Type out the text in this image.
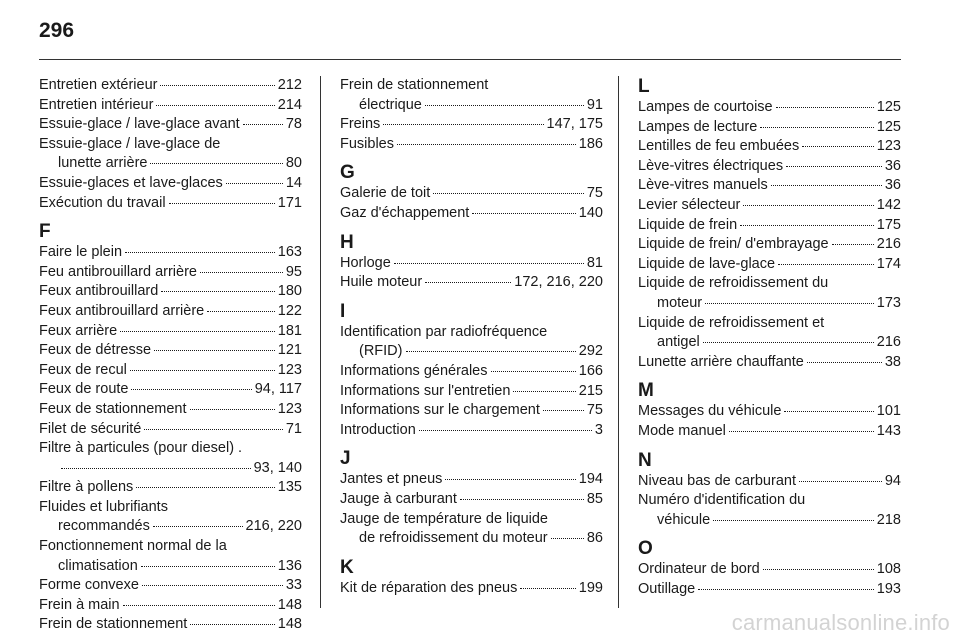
296
Entretien extérieur	212
Entretien intérieur	214
Essuie-glace / lave-glace avant	78
Essuie-glace / lave-glace de
lunette arrière	80
Essuie-glaces et lave-glaces	14
Exécution du travail	171
F
Faire le plein	163
Feu antibrouillard arrière	95
Feux antibrouillard	180
Feux antibrouillard arrière	122
Feux arrière	181
Feux de détresse	121
Feux de recul	123
Feux de route	94, 117
Feux de stationnement	123
Filet de sécurité	71
Filtre à particules (pour diesel) .
93, 140
Filtre à pollens	135
Fluides et lubrifiants
recommandés	216, 220
Fonctionnement normal de la
climatisation	136
Forme convexe	33
Frein à main	148
Frein de stationnement	148
Frein de stationnement
électrique	91
Freins	147, 175
Fusibles	186
G
Galerie de toit	75
Gaz d'échappement	140
H
Horloge	81
Huile moteur	172, 216, 220
I
Identification par radiofréquence
(RFID)	292
Informations générales	166
Informations sur l'entretien	215
Informations sur le chargement	75
Introduction	3
J
Jantes et pneus	194
Jauge à carburant	85
Jauge de température de liquide
de refroidissement du moteur	86
K
Kit de réparation des pneus	199
L
Lampes de courtoise	125
Lampes de lecture	125
Lentilles de feu embuées	123
Lève-vitres électriques	36
Lève-vitres manuels	36
Levier sélecteur	142
Liquide de frein	175
Liquide de frein/ d'embrayage	216
Liquide de lave-glace	174
Liquide de refroidissement du
moteur	173
Liquide de refroidissement et
antigel	216
Lunette arrière chauffante	38
M
Messages du véhicule	101
Mode manuel	143
N
Niveau bas de carburant	94
Numéro d'identification du
véhicule	218
O
Ordinateur de bord	108
Outillage	193
carmanualsonline.info
